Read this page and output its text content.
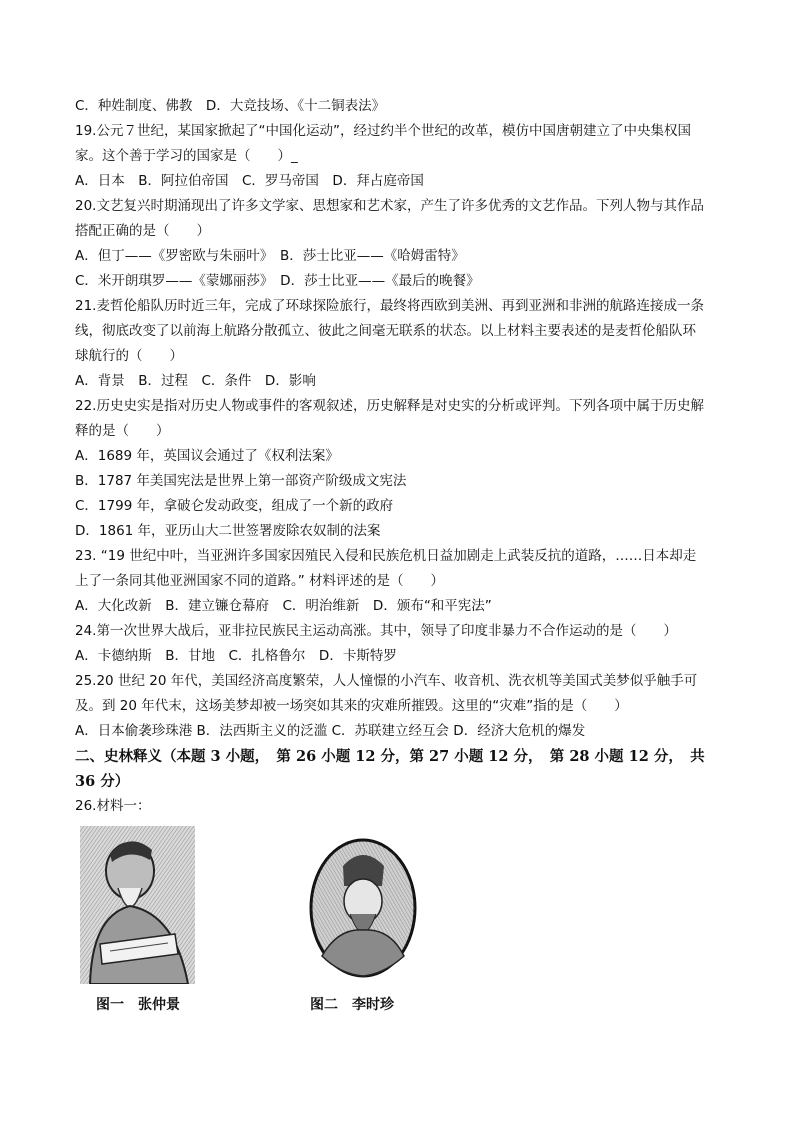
C．种姓制度、佛教　D．大竞技场、《十二铜表法》
19.公元７世纪，某国家掀起了“中国化运动”，经过约半个世纪的改革，模仿中国唐朝建立了中央集权国
家。这个善于学习的国家是（　　）_
A．日本　B．阿拉伯帝国　C．罗马帝国　D．拜占庭帝国
20.文艺复兴时期涌现出了许多文学家、思想家和艺术家，产生了许多优秀的文艺作品。下列人物与其作品
搭配正确的是（　　）
A．但丁——《罗密欧与朱丽叶》　B．莎士比亚——《哈姆雷特》
C．米开朗琪罗——《蒙娜丽莎》　D．莎士比亚——《最后的晚餐》
21.麦哲伦船队历时近三年，完成了环球探险旅行，最终将西欧到美洲、再到亚洲和非洲的航路连接成一条
线，彻底改变了以前海上航路分散孤立、彼此之间毫无联系的状态。以上材料主要表述的是麦哲伦船队环
球航行的（　　）
A．背景　B．过程　C．条件　D．影响
22.历史史实是指对历史人物或事件的客观叙述，历史解释是对史实的分析或评判。下列各项中属于历史解
释的是（　　）
A．1689 年，英国议会通过了《权利法案》
B．1787 年美国宪法是世界上第一部资产阶级成文宪法
C．1799 年，拿破仑发动政变，组成了一个新的政府
D．1861 年，亚历山大二世签署废除农奴制的法案
23. “19 世纪中叶，当亚洲许多国家因殖民入侵和民族危机日益加剧走上武装反抗的道路，……日本却走
上了一条同其他亚洲国家不同的道路。” 材料评述的是（　　）
A．大化改新　B．建立镰仓幕府　C．明治维新　D．颁布“和平宪法”
24.第一次世界大战后，亚非拉民族民主运动高涨。其中，领导了印度非暴力不合作运动的是（　　）
A．卡德纳斯　B．甘地　C．扎格鲁尔　D．卡斯特罗
25.20 世纪 20 年代，美国经济高度繁荣，人人憧憬的小汽车、收音机、洗衣机等美国式美梦似乎触手可
及。到 20 年代末，这场美梦却被一场突如其来的灾难所摧毁。这里的“灾难”指的是（　　）
A．日本偷袭珍珠港 B．法西斯主义的泛滥 C．苏联建立经互会 D．经济大危机的爆发
二、史林释义（本题 3 小题，　第 26 小题 12 分，第 27 小题 12 分，　第 28 小题 12 分，　共
36 分）
26.材料一：
图一　张仲景	图二　李时珍
